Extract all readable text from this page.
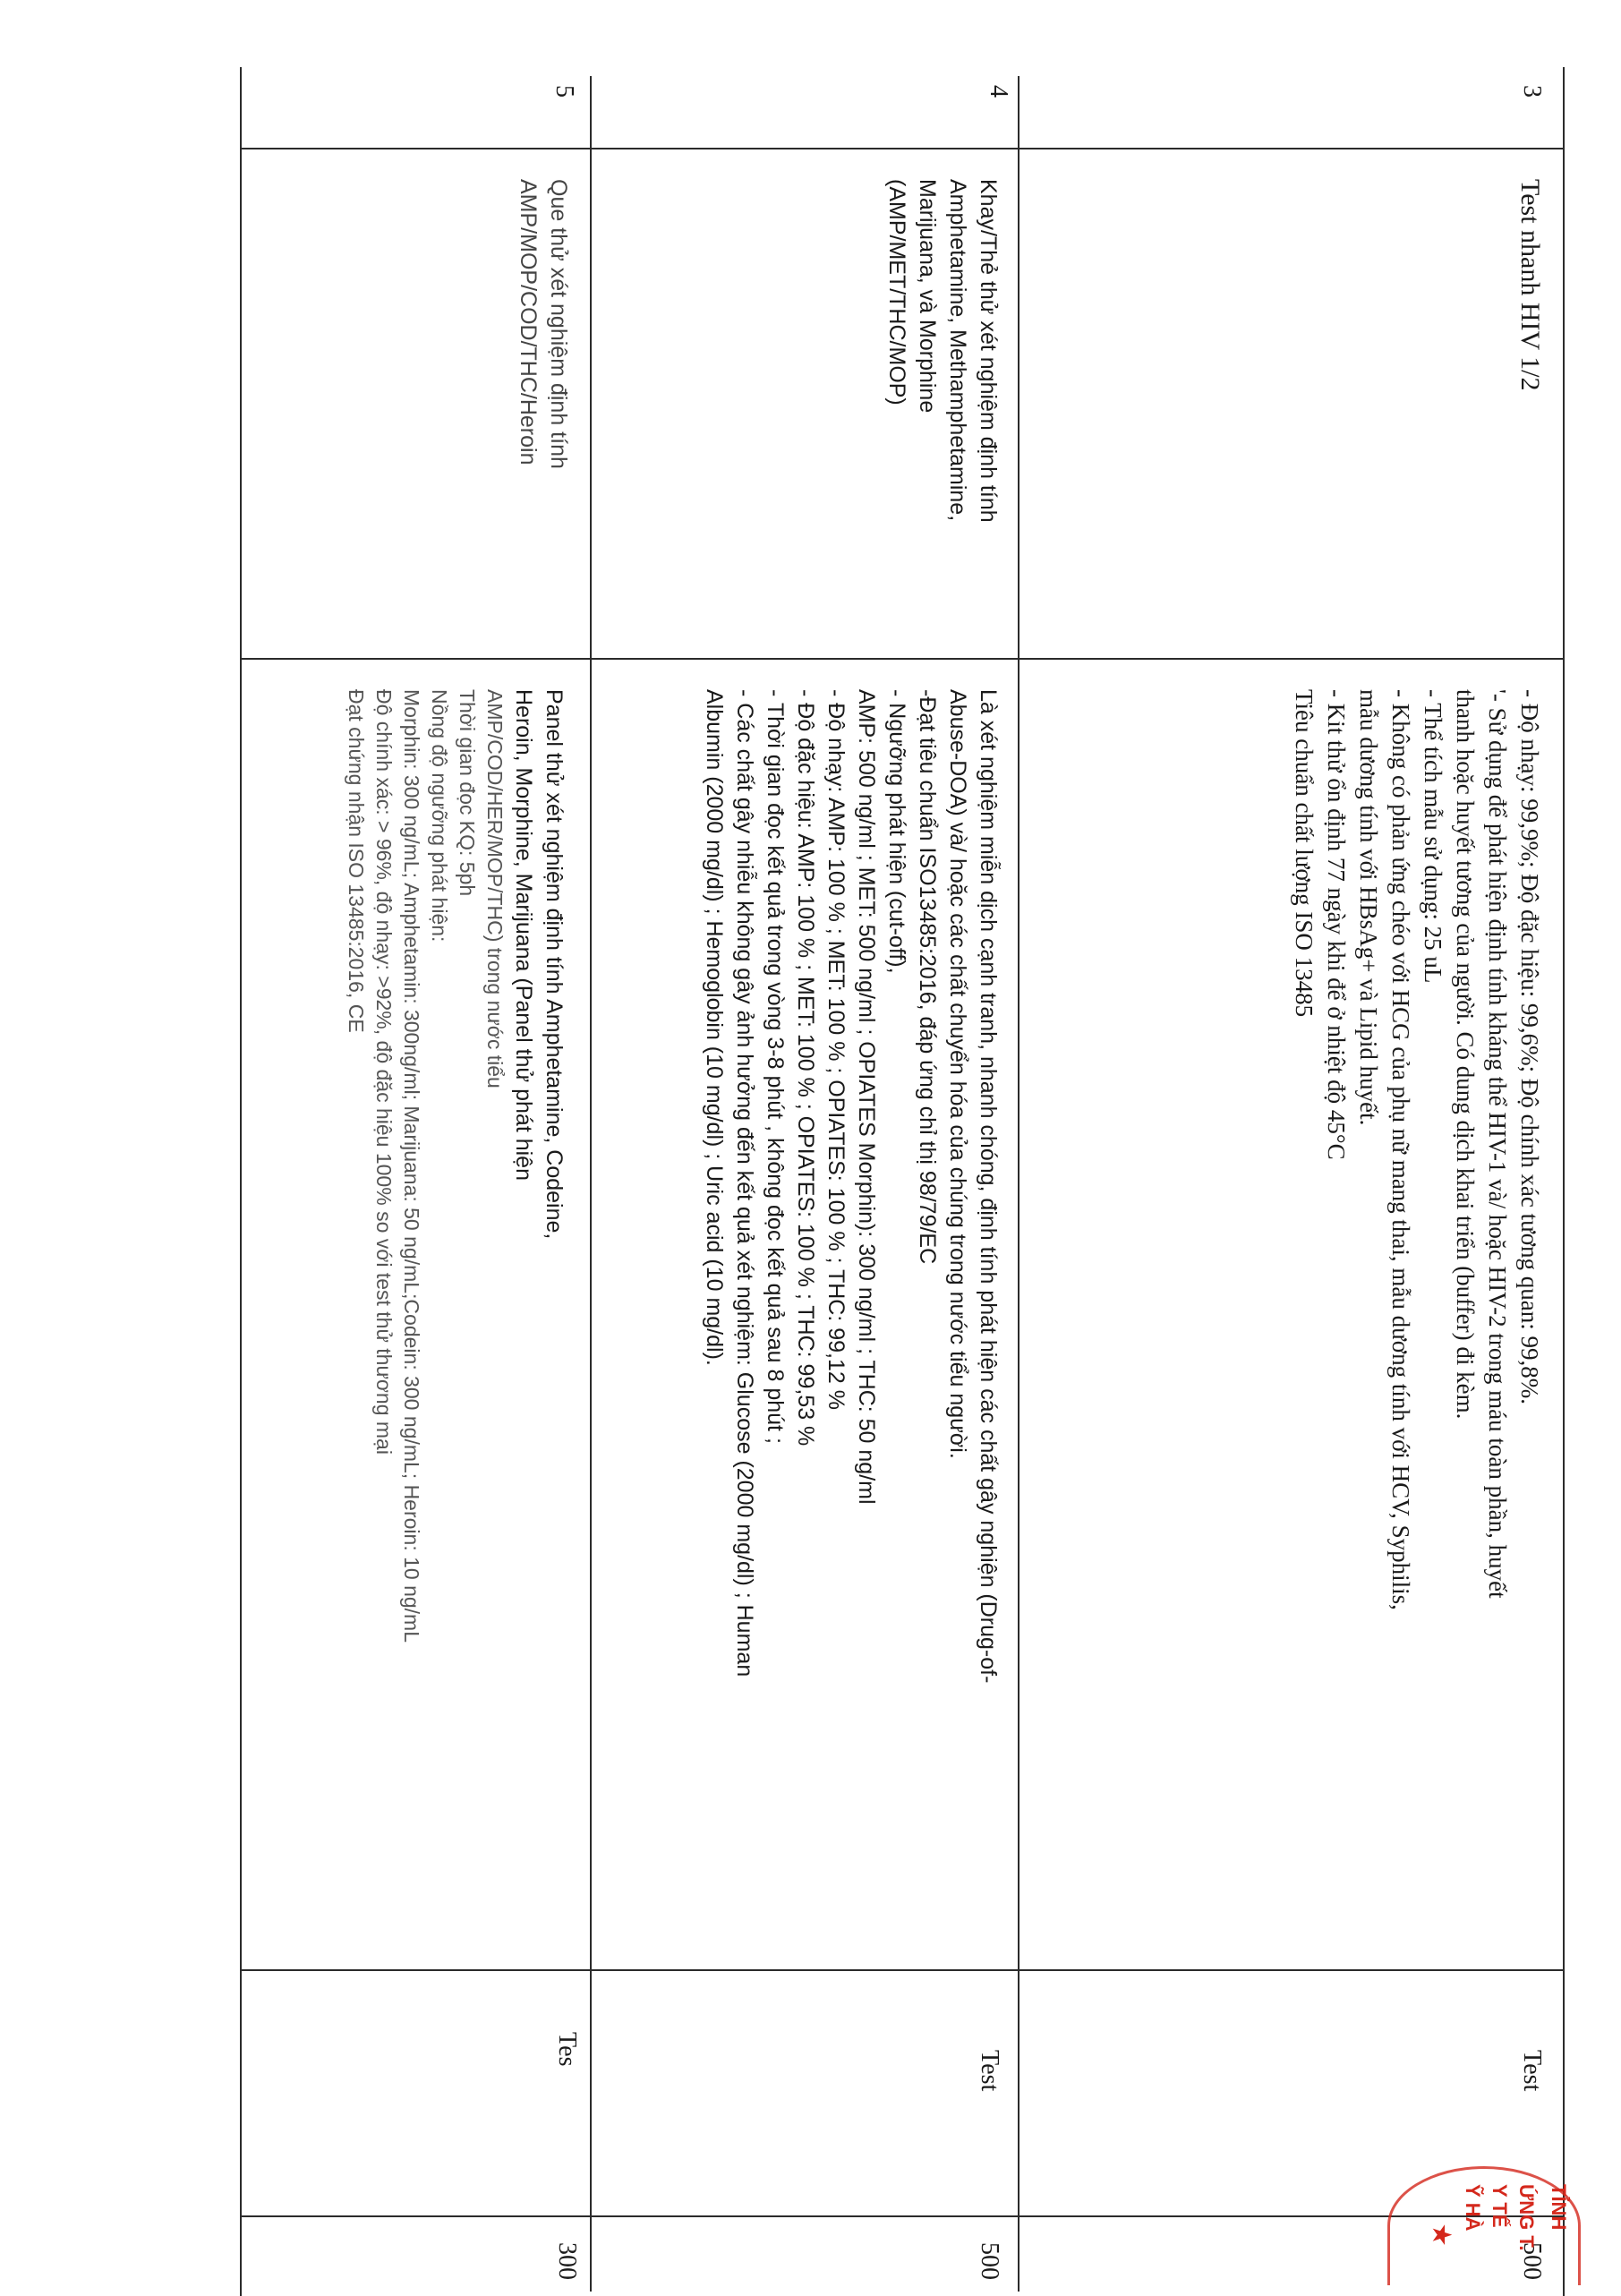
3
Test nhanh HIV 1/2
- Độ nhạy: 99,9%; Độ đặc hiệu: 99,6%; Độ chính xác tương quan: 99,8%.
'- Sử dụng để phát hiện định tính kháng thể HIV-1 và/ hoặc HIV-2 trong máu toàn phần, huyết
thanh hoặc huyết tương của người. Có dung dịch khai triển (buffer) đi kèm.
- Thể tích mẫu sử dụng: 25 uL
- Không có phản ứng chéo với HCG của phụ nữ mang thai, mẫu dương tính với HCV, Syphilis,
mẫu dương tính với HBsAg+ và Lipid huyết.
- Kit thử ổn định 77 ngày khi để ở nhiệt độ 45°C
Tiêu chuẩn chất lượng ISO 13485
Test
500
4
Khay/Thẻ thử xét nghiệm định tính
Amphetamine, Methamphetamine,
Marijuana, và Morphine
(AMP/MET/THC/MOP)
Là xét nghiệm miễn dịch cạnh tranh, nhanh chóng, định tính phát hiện các chất gây nghiện (Drug-of-
Abuse-DOA) và/ hoặc các chất chuyển hóa của chúng trong nước tiểu người.
-Đạt tiêu chuẩn ISO13485:2016, đáp ứng chỉ thị 98/79/EC
- Ngưỡng phát hiện (cut-off),
AMP: 500 ng/ml ; MET: 500 ng/ml ; OPIATES Morphin): 300 ng/ml ; THC: 50 ng/ml
- Độ nhạy: AMP: 100 % ; MET: 100 % ; OPIATES: 100 % ; THC: 99,12 %
- Độ đặc hiệu: AMP: 100 % ; MET: 100 % ; OPIATES: 100 % ; THC: 99,53 %
- Thời gian đọc kết quả trong vòng 3-8 phút , không đọc kết quả sau 8 phút ;
- Các chất gây nhiễu không gây ảnh hưởng đến kết quả xét nghiệm: Glucose (2000 mg/dl) ; Human
Albumin (2000 mg/dl) ; Hemoglobin (10 mg/dl) ; Uric acid (10 mg/dl).
Test
500
5
Que thử xét nghiệm định tính
AMP/MOP/COD/THC/Heroin
Panel thử xét nghiệm định tính Amphetamine, Codeine,
Heroin, Morphine, Marijuana (Panel thử phát hiện
AMP/COD/HER/MOP/THC) trong nước tiểu
Thời gian đọc KQ: 5ph
Nồng độ ngưỡng phát hiện:
Morphin: 300 ng/mL; Amphetamin: 300ng/ml; Marijuana: 50 ng/mL;Codein: 300 ng/mL; Heroin: 10 ng/mL
Độ chính xác: > 96%, độ nhạy: >92%, độ đặc hiệu 100% so với test thử thương mại
Đạt chứng nhận ISO 13485:2016, CE
Tes
300
TỈNH
ỨNG T.
Y TẾ
Ỹ HÀ
★
